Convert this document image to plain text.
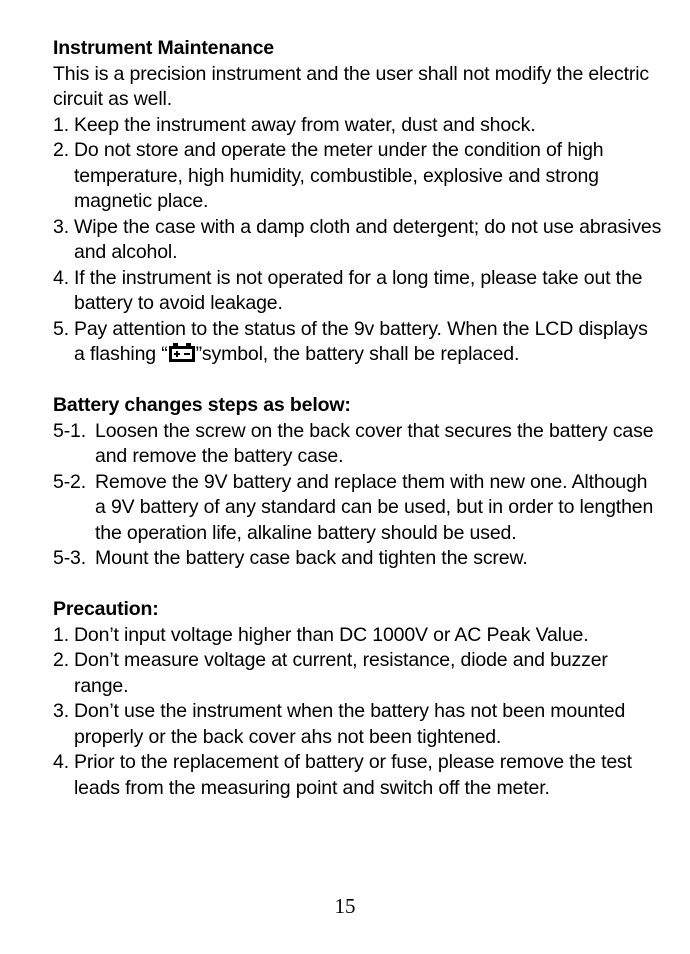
Instrument Maintenance
This is a precision instrument and the user shall not modify the electric circuit as well.
1. Keep the instrument away from water, dust and shock.
2. Do not store and operate the meter under the condition of high temperature, high humidity, combustible, explosive and strong magnetic place.
3. Wipe the case with a damp cloth and detergent; do not use abrasives and alcohol.
4. If the instrument is not operated for a long time, please take out the battery to avoid leakage.
5. Pay attention to the status of the 9v battery. When the LCD displays a flashing “ ”symbol, the battery shall be replaced.
Battery changes steps as below:
5-1. Loosen the screw on the back cover that secures the battery case and remove the battery case.
5-2. Remove the 9V battery and replace them with new one. Although a 9V battery of any standard can be used, but in order to lengthen the operation life, alkaline battery should be used.
5-3. Mount the battery case back and tighten the screw.
Precaution:
1. Don’t input voltage higher than DC 1000V or AC Peak Value.
2. Don’t measure voltage at current, resistance, diode and buzzer range.
3. Don’t use the instrument when the battery has not been mounted properly or the back cover ahs not been tightened.
4. Prior to the replacement of battery or fuse, please remove the test leads from the measuring point and switch off the meter.
15
